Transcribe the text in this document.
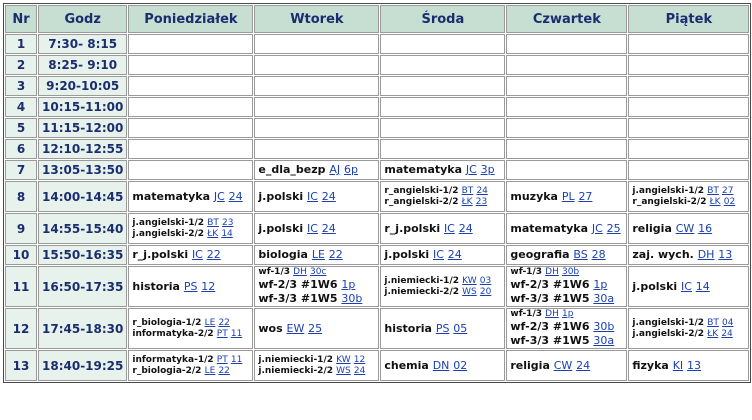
Nr	Godz	Poniedziałek	Wtorek	Środa	Czwartek	Piątek
1	7:30- 8:15					
2	8:25- 9:10					
3	9:20-10:05					
4	10:15-11:00					
5	11:15-12:00					
6	12:10-12:55					
7	13:05-13:50		e_dla_bezp AJ 6p	matematyka JC 3p		

8	14:00-14:45	matematyka JC 24	j.polski IC 24	r_angielski-1/2 BT 24
r_angielski-2/2 ŁK 23	muzyka PL 27	j.angielski-1/2 BT 27
r_angielski-2/2 ŁK 02

9	14:55-15:40	j.angielski-1/2 BT 23
j.angielski-2/2 ŁK 14	j.polski IC 24	r_j.polski IC 24	matematyka JC 25	religia CW 16

10	15:50-16:35	r_j.polski IC 22	biologia LE 22	j.polski IC 24	geografia BS 28	zaj. wych. DH 13

11	16:50-17:35	historia PS 12	wf-1/3 DH 30c
wf-2/3 #1W6 1p
wf-3/3 #1W5 30b	j.niemiecki-1/2 KW 03
j.niemiecki-2/2 WS 20	wf-1/3 DH 30b
wf-2/3 #1W6 1p
wf-3/3 #1W5 30a	j.polski IC 14

12	17:45-18:30	r_biologia-1/2 LE 22
informatyka-2/2 PT 11	wos EW 25	historia PS 05	wf-1/3 DH 1p
wf-2/3 #1W6 30b
wf-3/3 #1W5 30a	j.angielski-1/2 BT 04
j.angielski-2/2 ŁK 24

13	18:40-19:25	informatyka-1/2 PT 11
r_biologia-2/2 LE 22	j.niemiecki-1/2 KW 12
j.niemiecki-2/2 WS 24	chemia DN 02	religia CW 24	fizyka KI 13
